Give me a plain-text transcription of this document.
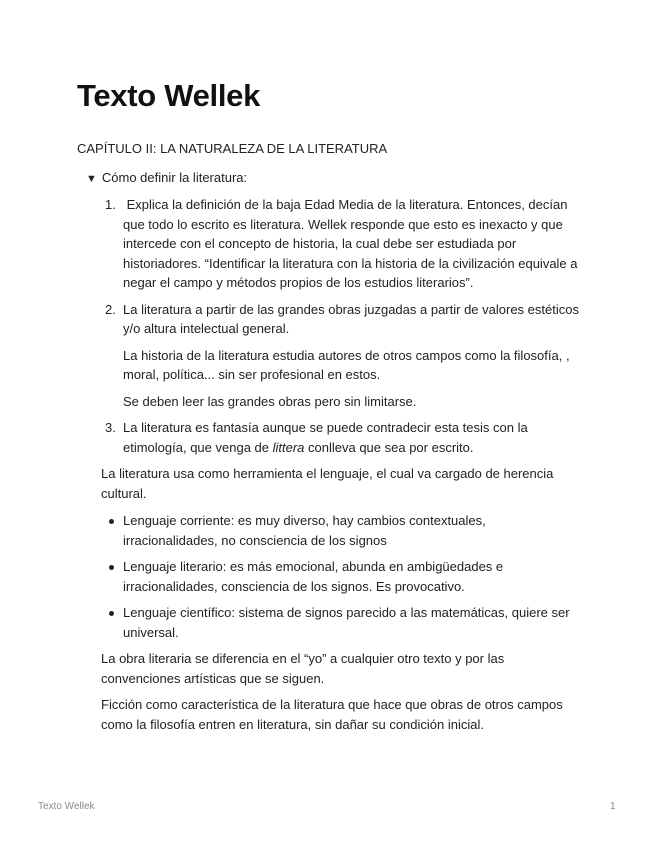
Texto Wellek

CAPÍTULO II: LA NATURALEZA DE LA LITERATURA

▼ Cómo definir la literatura:
1. Explica la definición de la baja Edad Media de la literatura. Entonces, decían que todo lo escrito es literatura. Wellek responde que esto es inexacto y que intercede con el concepto de historia, la cual debe ser estudiada por historiadores. “Identificar la literatura con la historia de la civilización equivale a negar el campo y métodos propios de los estudios literarios”.
2. La literatura a partir de las grandes obras juzgadas a partir de valores estéticos y/o altura intelectual general.

La historia de la literatura estudia autores de otros campos como la filosofía, , moral, política... sin ser profesional en estos.

Se deben leer las grandes obras pero sin limitarse.

3. La literatura es fantasía aunque se puede contradecir esta tesis con la etimología, que venga de littera conlleva que sea por escrito.

La literatura usa como herramienta el lenguaje, el cual va cargado de herencia cultural.

Lenguaje corriente: es muy diverso, hay cambios contextuales, irracionalidades, no consciencia de los signos
Lenguaje literario: es más emocional, abunda en ambigüedades e irracionalidades, consciencia de los signos. Es provocativo.
Lenguaje científico: sistema de signos parecido a las matemáticas, quiere ser universal.

La obra literaria se diferencia en el “yo” a cualquier otro texto y por las convenciones artísticas que se siguen.

Ficción como característica de la literatura que hace que obras de otros campos como la filosofía entren en literatura, sin dañar su condición inicial.

Texto Wellek	1
